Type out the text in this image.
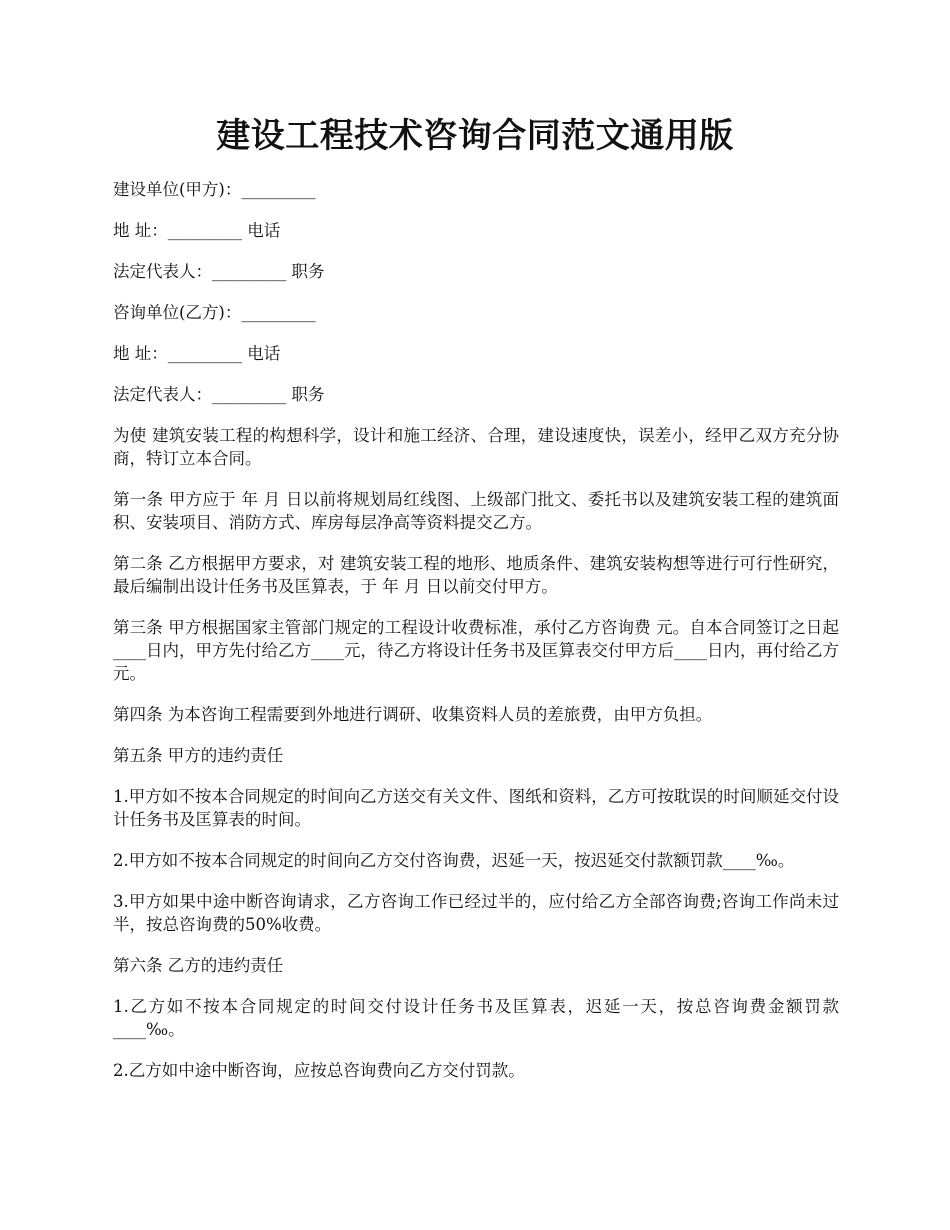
建设工程技术咨询合同范文通用版

建设单位(甲方)：_________

地 址：_________ 电话

法定代表人：_________ 职务

咨询单位(乙方)：_________

地 址：_________ 电话

法定代表人：_________ 职务

为使 建筑安装工程的构想科学，设计和施工经济、合理，建设速度快，误差小，经甲乙双方充分协商，特订立本合同。

第一条 甲方应于 年 月 日以前将规划局红线图、上级部门批文、委托书以及建筑安装工程的建筑面积、安装项目、消防方式、库房每层净高等资料提交乙方。

第二条 乙方根据甲方要求，对 建筑安装工程的地形、地质条件、建筑安装构想等进行可行性研究，最后编制出设计任务书及匡算表，于 年 月 日以前交付甲方。

第三条 甲方根据国家主管部门规定的工程设计收费标准，承付乙方咨询费 元。自本合同签订之日起____日内，甲方先付给乙方____元，待乙方将设计任务书及匡算表交付甲方后____日内，再付给乙方 元。

第四条 为本咨询工程需要到外地进行调研、收集资料人员的差旅费，由甲方负担。

第五条 甲方的违约责任

1.甲方如不按本合同规定的时间向乙方送交有关文件、图纸和资料，乙方可按耽误的时间顺延交付设计任务书及匡算表的时间。

2.甲方如不按本合同规定的时间向乙方交付咨询费，迟延一天，按迟延交付款额罚款____‰。

3.甲方如果中途中断咨询请求，乙方咨询工作已经过半的，应付给乙方全部咨询费;咨询工作尚未过半，按总咨询费的50%收费。

第六条 乙方的违约责任

1.乙方如不按本合同规定的时间交付设计任务书及匡算表，迟延一天，按总咨询费金额罚款____‰。

2.乙方如中途中断咨询，应按总咨询费向乙方交付罚款。
